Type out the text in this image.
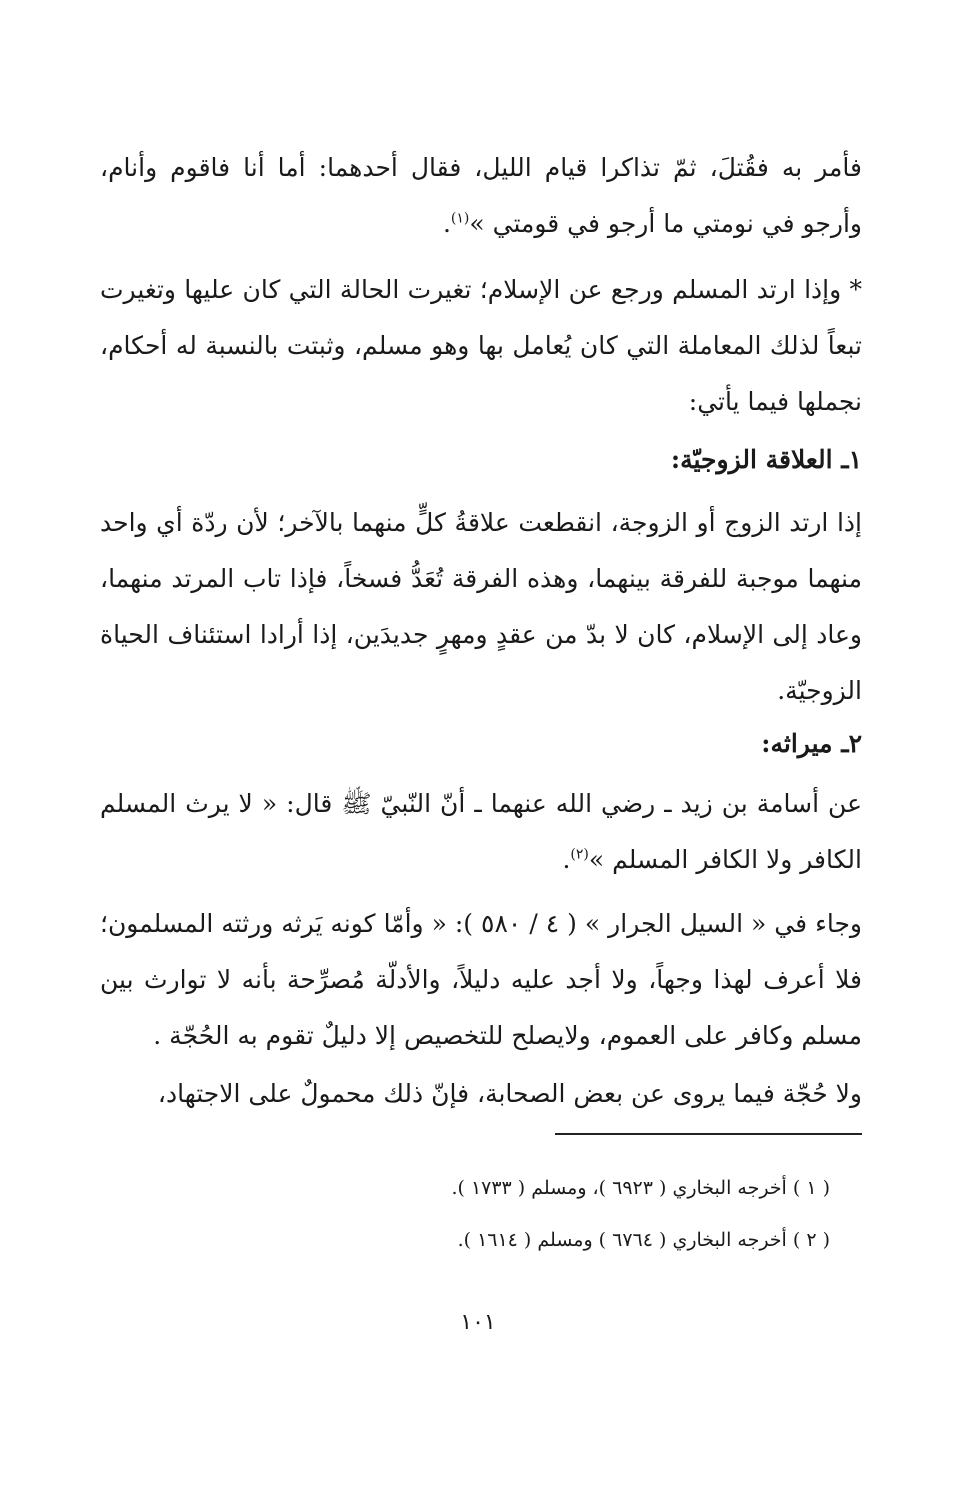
فأمر به فقُتلَ، ثمّ تذاكرا قيام الليل، فقال أحدهما: أما أنا فاقوم وأنام، وأرجو في نومتي ما أرجو في قومتي »$^{(١)}$.

* وإذا ارتد المسلم ورجع عن الإسلام؛ تغيرت الحالة التي كان عليها وتغيرت تبعاً لذلك المعاملة التي كان يُعامل بها وهو مسلم، وثبتت بالنسبة له أحكام، نجملها فيما يأتي:

١ـ العلاقة الزوجيّة:

إذا ارتد الزوج أو الزوجة، انقطعت علاقةُ كلٍّ منهما بالآخر؛ لأن ردّة أي واحد منهما موجبة للفرقة بينهما، وهذه الفرقة تُعَدُّ فسخاً، فإذا تاب المرتد منهما، وعاد إلى الإسلام، كان لا بدّ من عقدٍ ومهرٍ جديدَين، إذا أرادا استئناف الحياة الزوجيّة.

٢ـ ميراثه:

عن أسامة بن زيد ـ رضي الله عنهما ـ أنّ النّبيّ ﷺ قال: « لا يرث المسلم الكافر ولا الكافر المسلم »$^{(٢)}$.

وجاء في « السيل الجرار » ( ٤ / ٥٨٠ ): « وأمّا كونه يَرثه ورثته المسلمون؛ فلا أعرف لهذا وجهاً، ولا أجد عليه دليلاً، والأدلّة مُصرِّحة بأنه لا توارث بين مسلم وكافر على العموم، ولايصلح للتخصيص إلا دليلٌ تقوم به الحُجّة .

ولا حُجّة فيما يروى عن بعض الصحابة، فإنّ ذلك محمولٌ على الاجتهاد،

( ١ ) أخرجه البخاري ( ٦٩٢٣ )، ومسلم ( ١٧٣٣ ).

( ٢ ) أخرجه البخاري ( ٦٧٦٤ ) ومسلم ( ١٦١٤ ).

١٠١
